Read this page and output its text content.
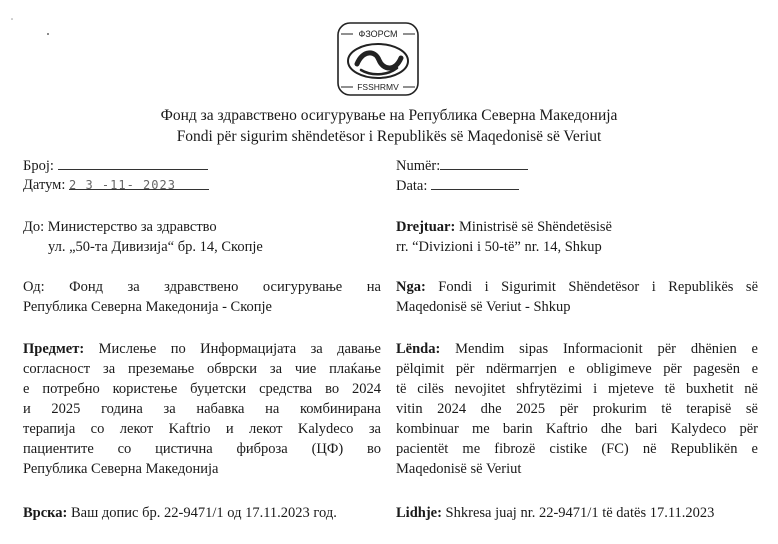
ФЗОРСМ
FSSHRMV
Фонд за здравствено осигурување на Република Северна Македонија
Fondi për sigurim shëndetësor i Republikës së Maqedonisë së Veriut
Број:
Датум: 2 3 -11- 2023
До: Министерство за здравство
ул. „50-та Дивизија“ бр. 14, Скопје
Од: Фонд за здравствено осигурување на
Република Северна Македонија - Скопје
Предмет: Мислење по Информацијата за давање
согласност за преземање обврски за чие плаќање
е потребно користење буџетски средства во 2024
и 2025 година за набавка на комбинирана
терапија со лекот Kaftrio и лекот Kalydeco за
пациентите со цистична фиброза (ЦФ) во
Република Северна Македонија
Врска: Ваш допис бр. 22-9471/1 од 17.11.2023 год.
Numër:
Data:
Drejtuar: Ministrisë së Shëndetësisë
rr. “Divizioni i 50-të” nr. 14, Shkup
Nga: Fondi i Sigurimit Shëndetësor i Republikës së
Maqedonisë së Veriut - Shkup
Lënda: Mendim sipas Informacionit për dhënien e
pëlqimit për ndërmarrjen e obligimeve për pagesën e
të cilës nevojitet shfrytëzimi i mjeteve të buxhetit në
vitin 2024 dhe 2025 për prokurim të terapisë së
kombinuar me barin Kaftrio dhe bari Kalydeco për
pacientët me fibrozë cistike (FC) në Republikën e
Maqedonisë së Veriut
Lidhje: Shkresa juaj nr. 22-9471/1 të datës 17.11.2023
